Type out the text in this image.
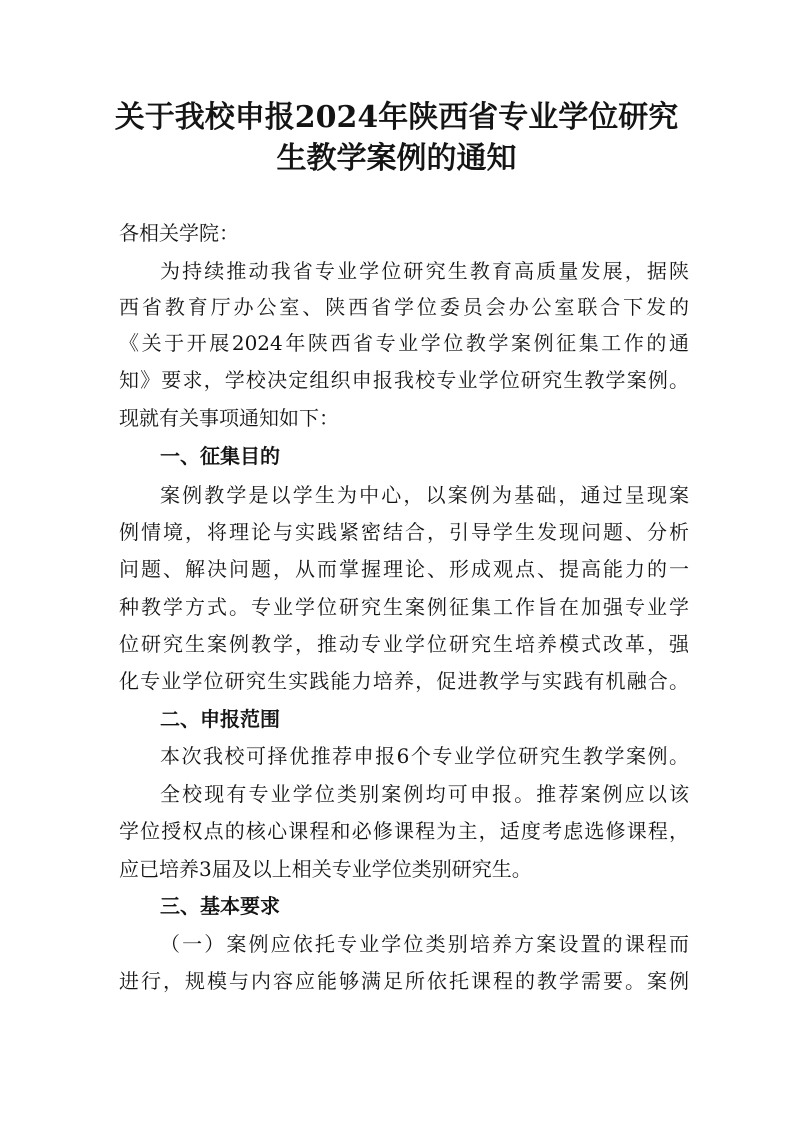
关于我校申报2024年陕西省专业学位研究
生教学案例的通知
各相关学院：
为持续推动我省专业学位研究生教育高质量发展，据陕
西省教育厅办公室、陕西省学位委员会办公室联合下发的
《关于开展2024年陕西省专业学位教学案例征集工作的通
知》要求，学校决定组织申报我校专业学位研究生教学案例。
现就有关事项通知如下：
一、征集目的
案例教学是以学生为中心，以案例为基础，通过呈现案
例情境，将理论与实践紧密结合，引导学生发现问题、分析
问题、解决问题，从而掌握理论、形成观点、提高能力的一
种教学方式。专业学位研究生案例征集工作旨在加强专业学
位研究生案例教学，推动专业学位研究生培养模式改革，强
化专业学位研究生实践能力培养，促进教学与实践有机融合。
二、申报范围
本次我校可择优推荐申报6个专业学位研究生教学案例。
全校现有专业学位类别案例均可申报。推荐案例应以该
学位授权点的核心课程和必修课程为主，适度考虑选修课程，
应已培养3届及以上相关专业学位类别研究生。
三、基本要求
（一）案例应依托专业学位类别培养方案设置的课程而
进行，规模与内容应能够满足所依托课程的教学需要。案例
